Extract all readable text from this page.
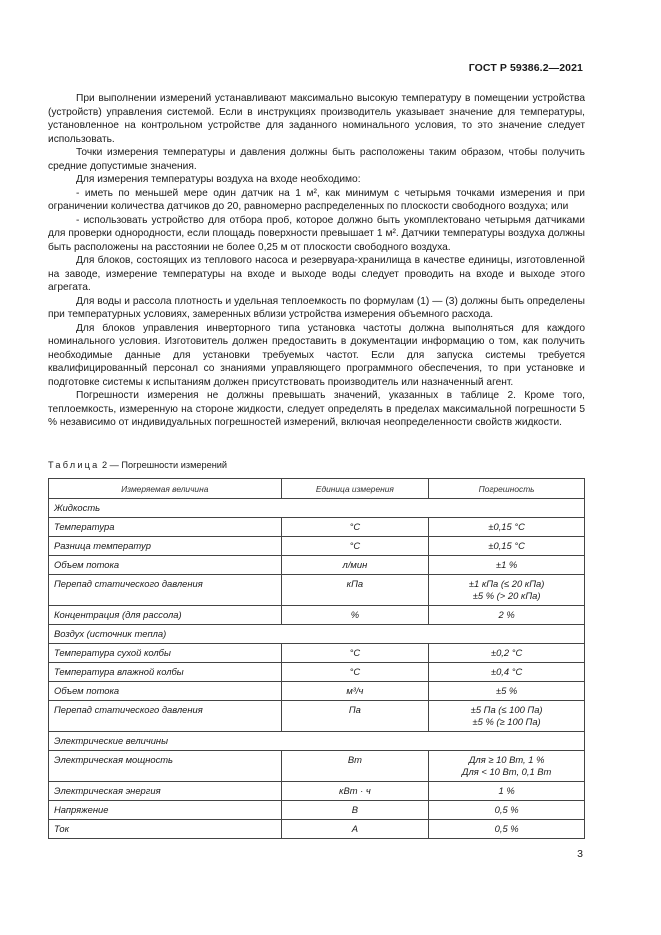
ГОСТ Р 59386.2—2021

При выполнении измерений устанавливают максимально высокую температуру в помещении устройства (устройств) управления системой. Если в инструкциях производитель указывает значение для температуры, установленное на контрольном устройстве для заданного номинального условия, то это значение следует использовать.

Точки измерения температуры и давления должны быть расположены таким образом, чтобы получить средние допустимые значения.

Для измерения температуры воздуха на входе необходимо:

- иметь по меньшей мере один датчик на 1 м², как минимум с четырьмя точками измерения и при ограничении количества датчиков до 20, равномерно распределенных по плоскости свободного воздуха; или

- использовать устройство для отбора проб, которое должно быть укомплектовано четырьмя датчиками для проверки однородности, если площадь поверхности превышает 1 м². Датчики температуры воздуха должны быть расположены на расстоянии не более 0,25 м от плоскости свободного воздуха.

Для блоков, состоящих из теплового насоса и резервуара-хранилища в качестве единицы, изготовленной на заводе, измерение температуры на входе и выходе воды следует проводить на входе и выходе этого агрегата.

Для воды и рассола плотность и удельная теплоемкость по формулам (1) — (3) должны быть определены при температурных условиях, замеренных вблизи устройства измерения объемного расхода.

Для блоков управления инверторного типа установка частоты должна выполняться для каждого номинального условия. Изготовитель должен предоставить в документации информацию о том, как получить необходимые данные для установки требуемых частот. Если для запуска системы требуется квалифицированный персонал со знаниями управляющего программного обеспечения, то при установке и подготовке системы к испытаниям должен присутствовать производитель или назначенный агент.

Погрешности измерения не должны превышать значений, указанных в таблице 2. Кроме того, теплоемкость, измеренную на стороне жидкости, следует определять в пределах максимальной погрешности 5 % независимо от индивидуальных погрешностей измерений, включая неопределенности свойств жидкости.

Таблица 2 — Погрешности измерений
Измеряемая величина	Единица измерения	Погрешность
Жидкость		
Температура	°С	±0,15 °С
Разница температур	°С	±0,15 °С
Объем потока	л/мин	±1 %
Перепад статического давления	кПа	±1 кПа (≤ 20 кПа)
±5 % (> 20 кПа)

Концентрация (для рассола)	%	2 %
Воздух (источник тепла)		
Температура сухой колбы	°С	±0,2 °С
Температура влажной колбы	°С	±0,4 °С
Объем потока	м³/ч	±5 %
Перепад статического давления	Па	±5 Па (≤ 100 Па)
±5 % (≥ 100 Па)

Электрические величины		
Электрическая мощность	Вт	Для ≥ 10 Вт, 1 %
Для < 10 Вт, 0,1 Вт

Электрическая энергия	кВт · ч	1 %
Напряжение	В	0,5 %
Ток	А	0,5 %
3
